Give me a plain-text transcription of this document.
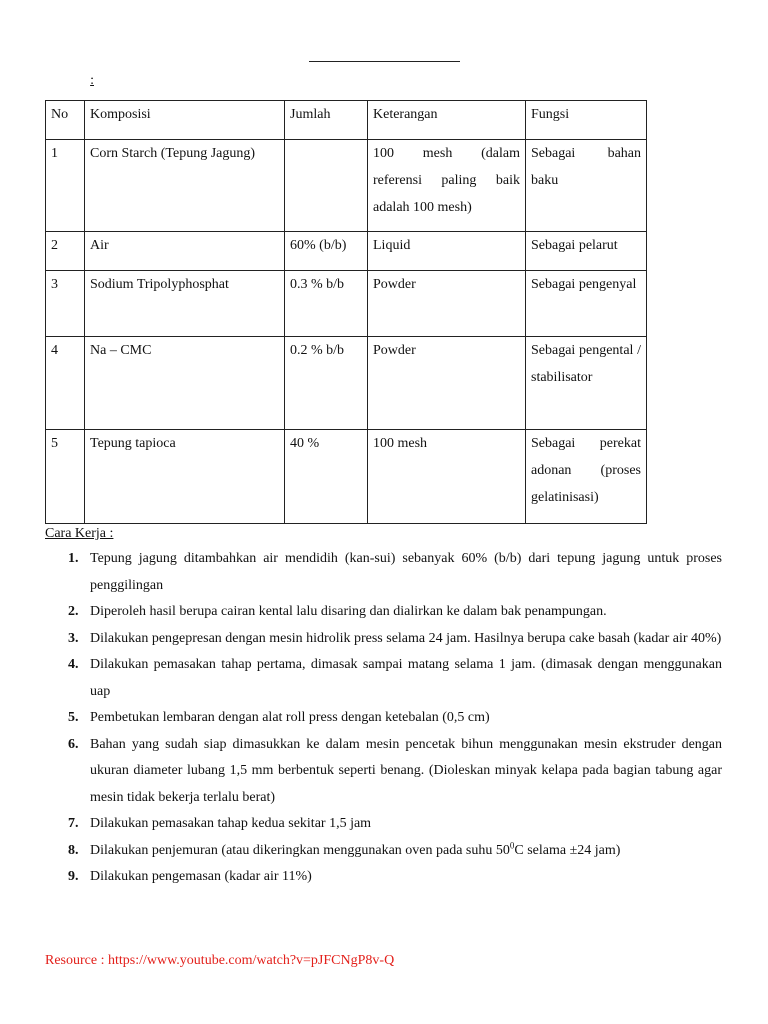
:
No	Komposisi	Jumlah	Keterangan	Fungsi
1	Corn Starch (Tepung Jagung)		100 mesh (dalam referensi paling baik adalah 100 mesh)	Sebagai bahan baku
2	Air	60% (b/b)	Liquid	Sebagai pelarut
3	Sodium Tripolyphosphat	0.3 % b/b	Powder	Sebagai pengenyal
4	Na – CMC	0.2 % b/b	Powder	Sebagai pengental / stabilisator
5	Tepung tapioca	40 %	100 mesh	Sebagai perekat adonan (proses gelatinisasi)
Cara Kerja :
1. Tepung jagung ditambahkan air mendidih (kan-sui) sebanyak 60% (b/b) dari tepung jagung untuk proses penggilingan
2. Diperoleh hasil berupa cairan kental lalu disaring dan dialirkan ke dalam bak penampungan.
3. Dilakukan pengepresan dengan mesin hidrolik press selama 24 jam. Hasilnya berupa cake basah (kadar air 40%)
4. Dilakukan pemasakan tahap pertama, dimasak sampai matang selama 1 jam. (dimasak dengan menggunakan uap
5. Pembetukan lembaran dengan alat roll press dengan ketebalan (0,5 cm)
6. Bahan yang sudah siap dimasukkan ke dalam mesin pencetak bihun menggunakan mesin ekstruder dengan ukuran diameter lubang 1,5 mm berbentuk seperti benang. (Dioleskan minyak kelapa pada bagian tabung agar mesin tidak bekerja terlalu berat)
7. Dilakukan pemasakan tahap kedua sekitar 1,5 jam
8. Dilakukan penjemuran (atau dikeringkan menggunakan oven pada suhu $50^0C$ selama ±24 jam)
9. Dilakukan pengemasan (kadar air 11%)
Resource : https://www.youtube.com/watch?v=pJFCNgP8v-Q
